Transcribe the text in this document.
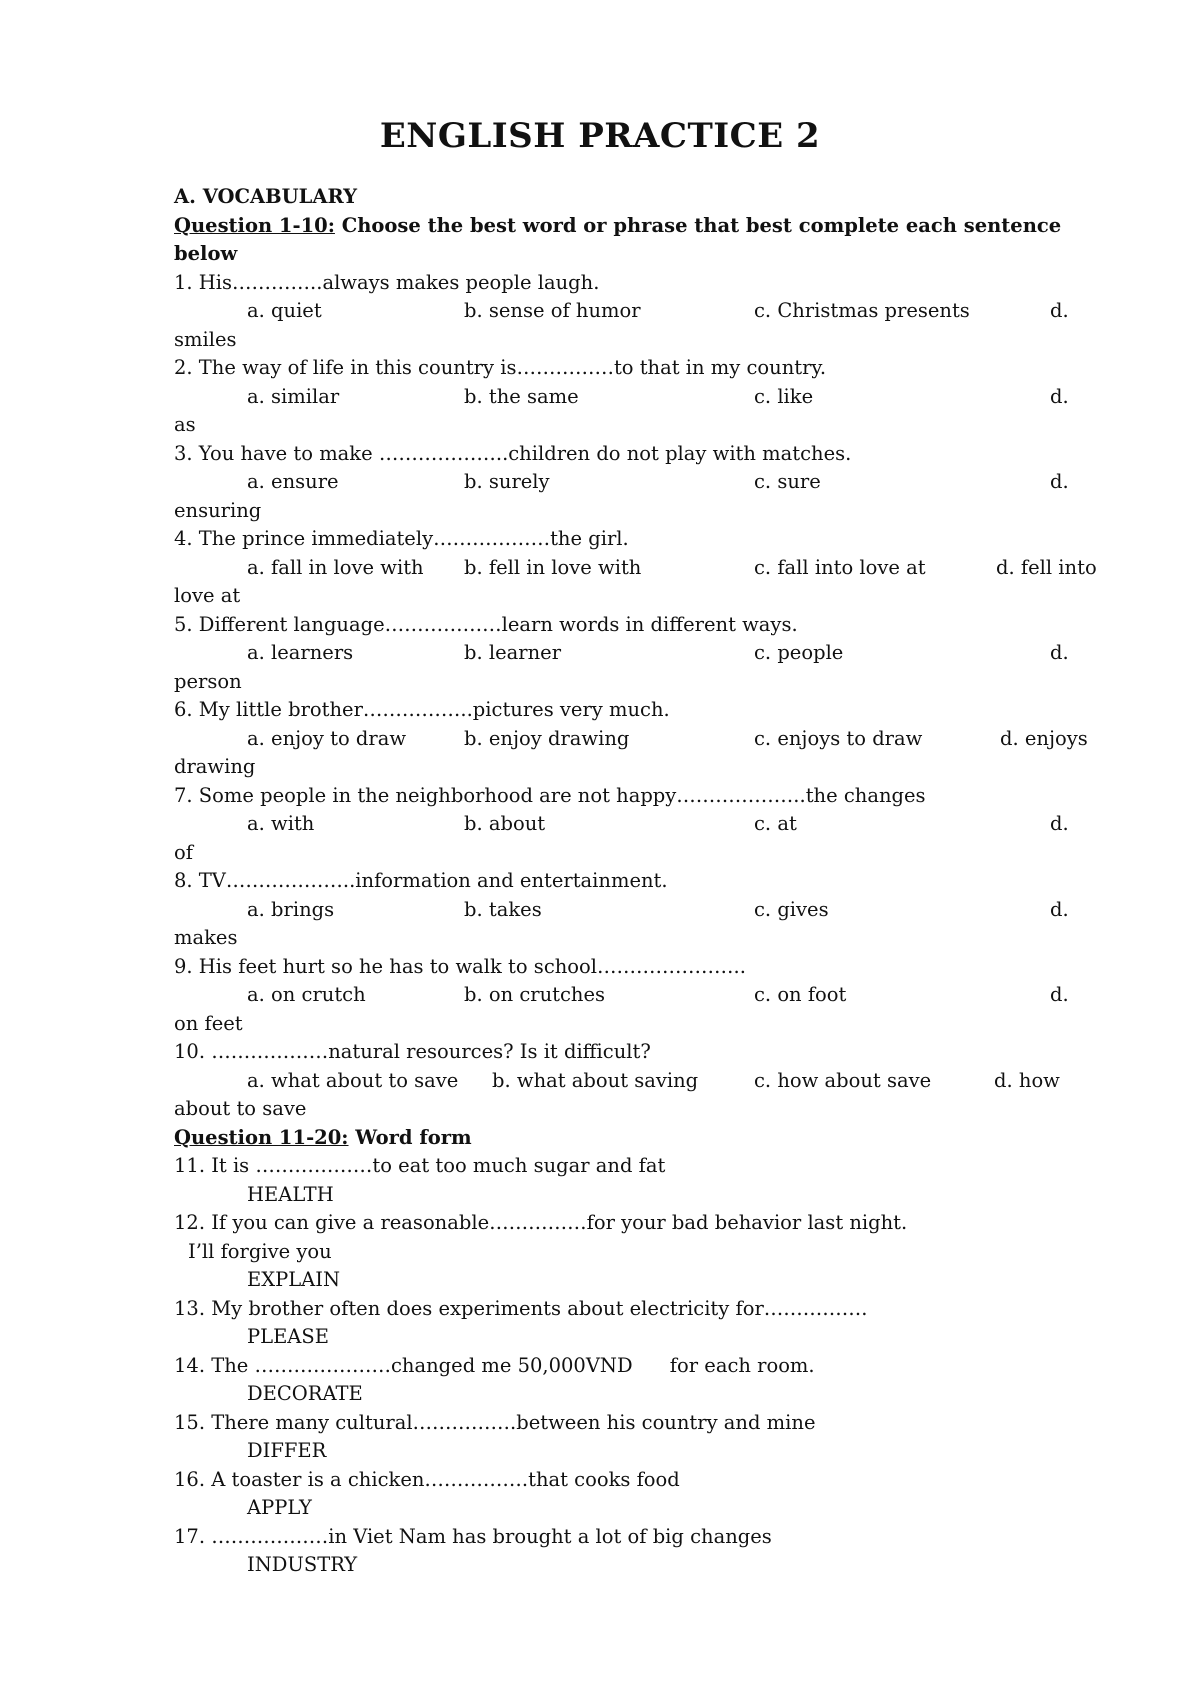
ENGLISH PRACTICE 2
A. VOCABULARY
Question 1-10: Choose the best word or phrase that best complete each sentence
below
1. His…………..always makes people laugh.
a. quiet	b. sense of humor	c. Christmas presents	d.
smiles
2. The way of life in this country is……………to that in my country.
a. similar	b. the same	c. like	d.
as
3. You have to make ………………..children do not play with matches.
a. ensure	b. surely	c. sure	d.
ensuring
4. The prince immediately………………the girl.
a. fall in love with b. fell in love with	c. fall into love at	d. fell into
love at
5. Different language………………learn words in different ways.
a. learners	b. learner	c. people	d.
person
6. My little brother……………..pictures very much.
a. enjoy to draw	b. enjoy drawing	c. enjoys to draw	d. enjoys
drawing
7. Some people in the neighborhood are not happy………………..the changes
a. with	b. about	c. at	d.
of
8. TV………………..information and entertainment.
a. brings	b. takes	c. gives	d.
makes
9. His feet hurt so he has to walk to school…………………..
a. on crutch	b. on crutches	c. on foot	d.
on feet
10. ………………natural resources? Is it difficult?
a. what about to save b. what about saving	c. how about save	d. how
about to save
Question 11-20: Word form
11. It is ………………to eat too much sugar and fat
HEALTH
12. If you can give a reasonable……………for your bad behavior last night.
I’ll forgive you
EXPLAIN
13. My brother often does experiments about electricity for…………….
PLEASE
14. The …………………changed me 50,000VND      for each room.
DECORATE
15. There many cultural…………….between his country and mine
DIFFER
16. A toaster is a chicken…………….that cooks food
APPLY
17. ………………in Viet Nam has brought a lot of big changes
INDUSTRY
